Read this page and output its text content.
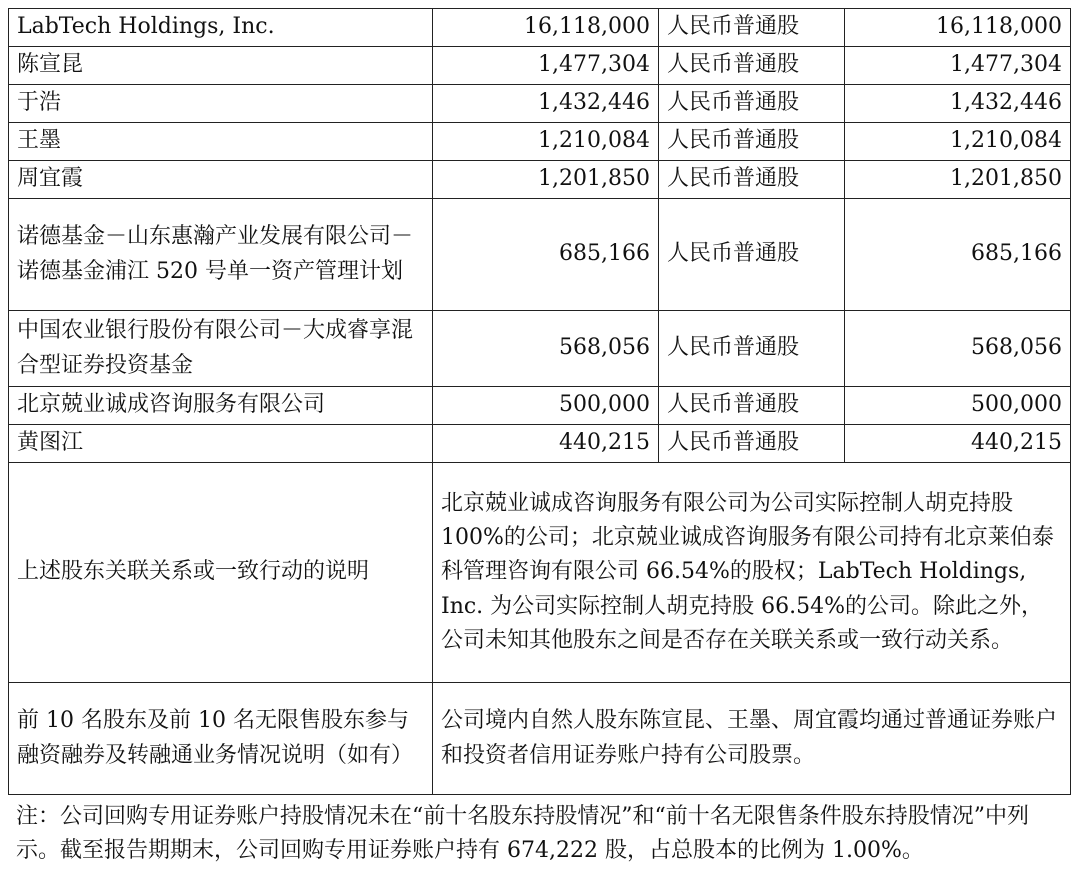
LabTech Holdings, Inc.	16,118,000	人民币普通股	16,118,000
陈宣昆	1,477,304	人民币普通股	1,477,304
于浩	1,432,446	人民币普通股	1,432,446
王墨	1,210,084	人民币普通股	1,210,084
周宜霞	1,201,850	人民币普通股	1,201,850
诺德基金－山东惠瀚产业发展有限公司－诺德基金浦江 520 号单一资产管理计划	685,166	人民币普通股	685,166
中国农业银行股份有限公司－大成睿享混合型证券投资基金	568,056	人民币普通股	568,056
北京兢业诚成咨询服务有限公司	500,000	人民币普通股	500,000
黄图江	440,215	人民币普通股	440,215
上述股东关联关系或一致行动的说明	北京兢业诚成咨询服务有限公司为公司实际控制人胡克持股 100%的公司；北京兢业诚成咨询服务有限公司持有北京莱伯泰科管理咨询有限公司 66.54%的股权；LabTech Holdings, Inc. 为公司实际控制人胡克持股 66.54%的公司。除此之外，公司未知其他股东之间是否存在关联关系或一致行动关系。		
前 10 名股东及前 10 名无限售股东参与融资融券及转融通业务情况说明（如有）	公司境内自然人股东陈宣昆、王墨、周宜霞均通过普通证券账户和投资者信用证券账户持有公司股票。		
注：公司回购专用证券账户持股情况未在“前十名股东持股情况”和“前十名无限售条件股东持股情况”中列示。截至报告期期末，公司回购专用证券账户持有 674,222 股，占总股本的比例为 1.00%。
